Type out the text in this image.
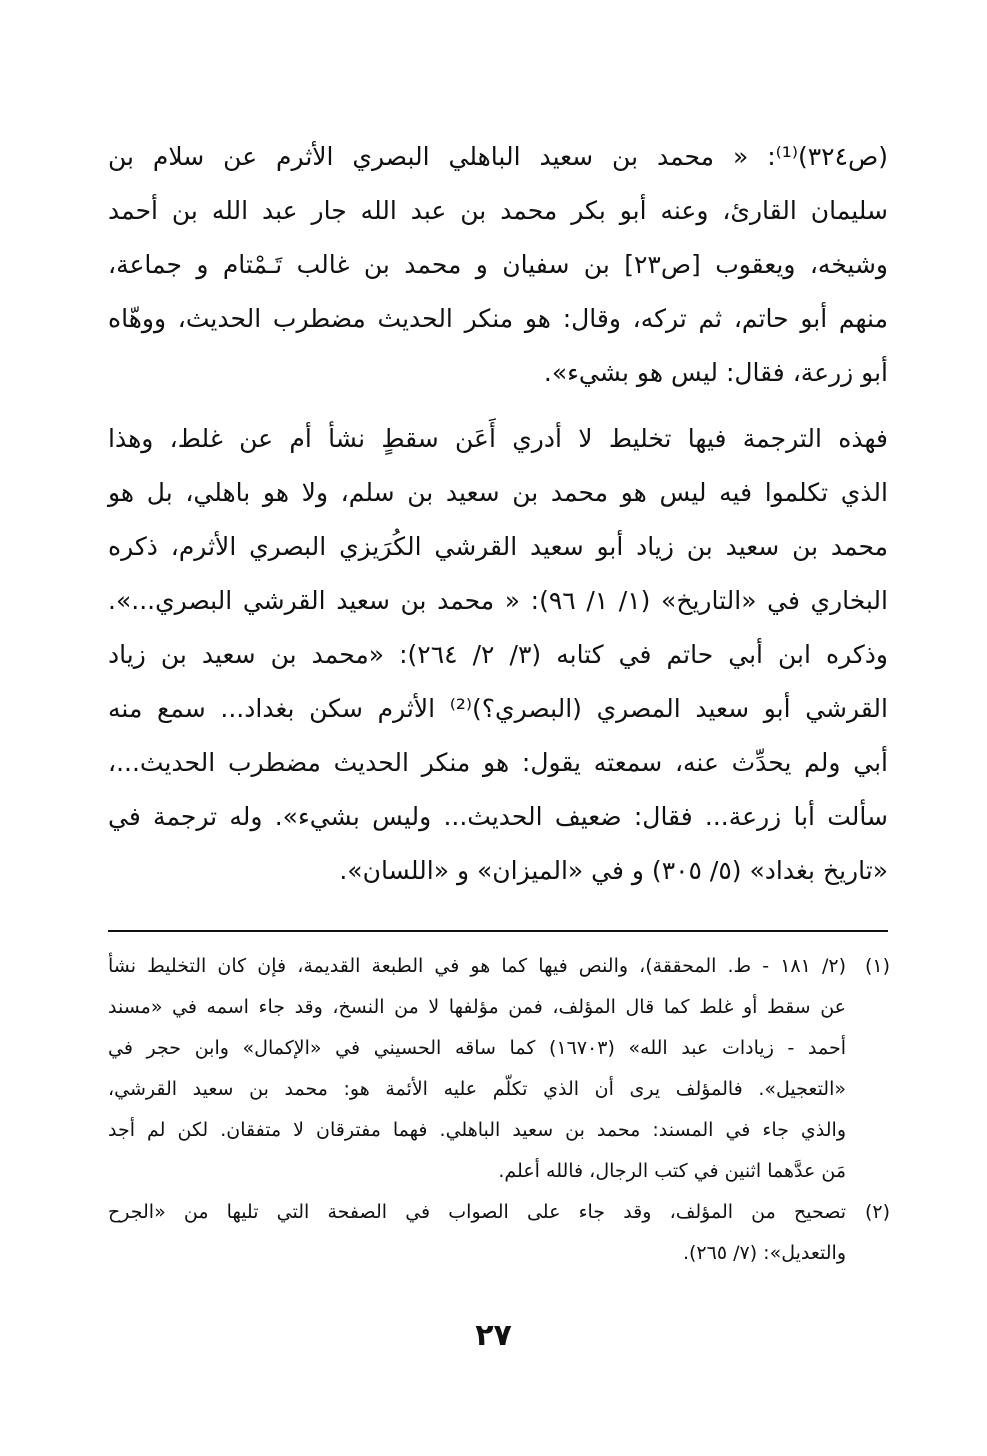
(ص٣٢٤)⁽¹⁾: « محمد بن سعيد الباهلي البصري الأثرم عن سلام بن
سليمان القارئ، وعنه أبو بكر محمد بن عبد الله جار عبد الله بن أحمد
وشيخه، ويعقوب [ص٢٣] بن سفيان و محمد بن غالب تَـمْتام و جماعة،
منهم أبو حاتم، ثم تركه، وقال: هو منكر الحديث مضطرب الحديث، ووهّاه
أبو زرعة، فقال: ليس هو بشيء».
فهذه الترجمة فيها تخليط لا أدري أَعَن سقطٍ نشأ أم عن غلط، وهذا
الذي تكلموا فيه ليس هو محمد بن سعيد بن سلم، ولا هو باهلي، بل هو
محمد بن سعيد بن زياد أبو سعيد القرشي الكُرَيزي البصري الأثرم، ذكره
البخاري في «التاريخ» (١/ ١/ ٩٦): « محمد بن سعيد القرشي البصري...».
وذكره ابن أبي حاتم في كتابه (٣/ ٢/ ٢٦٤): «محمد بن سعيد بن زياد
القرشي أبو سعيد المصري (البصري؟)⁽²⁾ الأثرم سكن بغداد... سمع منه
أبي ولم يحدِّث عنه، سمعته يقول: هو منكر الحديث مضطرب الحديث...،
سألت أبا زرعة... فقال: ضعيف الحديث... وليس بشيء». وله ترجمة في
«تاريخ بغداد» (٥/ ٣٠٥) و في «الميزان» و «اللسان».
(١)
(٢/ ١٨١ - ط. المحققة)، والنص فيها كما هو في الطبعة القديمة، فإن كان التخليط نشأ
عن سقط أو غلط كما قال المؤلف، فمن مؤلفها لا من النسخ، وقد جاء اسمه في «مسند
أحمد - زيادات عبد الله» (١٦٧٠٣) كما ساقه الحسيني في «الإكمال» وابن حجر في
«التعجيل». فالمؤلف يرى أن الذي تكلّم عليه الأئمة هو: محمد بن سعيد القرشي،
والذي جاء في المسند: محمد بن سعيد الباهلي. فهما مفترقان لا متفقان. لكن لم أجد
مَن عدَّهما اثنين في كتب الرجال، فالله أعلم.
(٢)
تصحيح من المؤلف، وقد جاء على الصواب في الصفحة التي تليها من «الجرح
والتعديل»: (٧/ ٢٦٥).
٢٧
